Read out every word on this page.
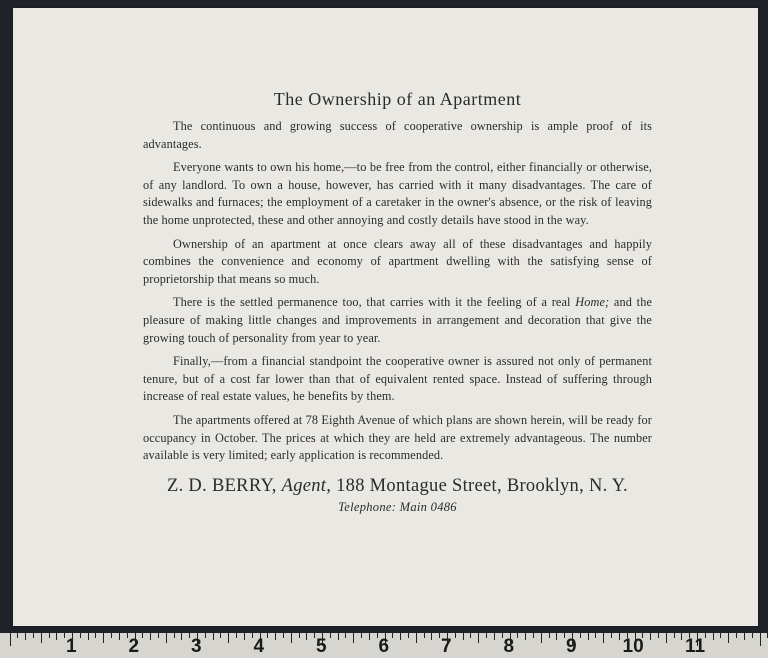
The Ownership of an Apartment

The continuous and growing success of cooperative ownership is ample proof of its advantages.

Everyone wants to own his home,—to be free from the control, either financially or otherwise, of any landlord. To own a house, however, has carried with it many disadvantages. The care of sidewalks and furnaces; the employment of a caretaker in the owner's absence, or the risk of leaving the home unprotected, these and other annoying and costly details have stood in the way.

Ownership of an apartment at once clears away all of these disadvantages and happily combines the convenience and economy of apartment dwelling with the satisfying sense of proprietorship that means so much.

There is the settled permanence too, that carries with it the feeling of a real Home; and the pleasure of making little changes and improvements in arrangement and decoration that give the growing touch of personality from year to year.

Finally,—from a financial standpoint the cooperative owner is assured not only of permanent tenure, but of a cost far lower than that of equivalent rented space. Instead of suffering through increase of real estate values, he benefits by them.

The apartments offered at 78 Eighth Avenue of which plans are shown herein, will be ready for occupancy in October. The prices at which they are held are extremely advantageous. The number available is very limited; early application is recommended.

Z. D. BERRY, Agent, 188 Montague Street, Brooklyn, N. Y.
Telephone: Main 0486
1	2	3	4	5	6	7	8	9 10 11
